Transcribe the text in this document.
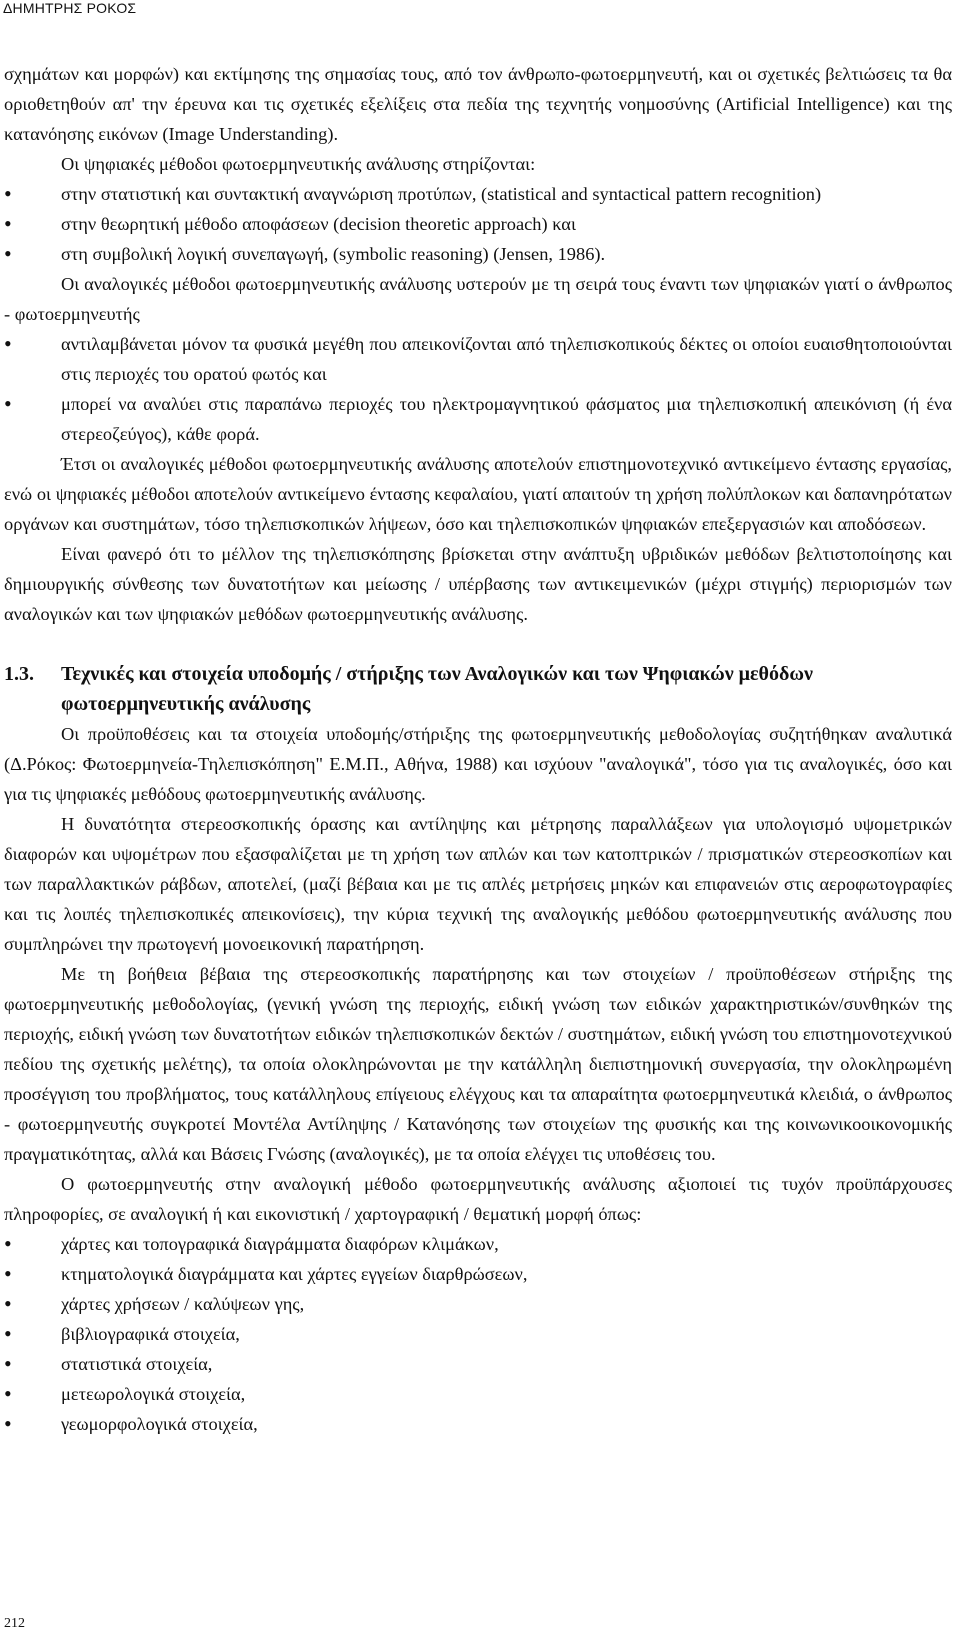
ΔΗΜΗΤΡΗΣ ΡΟΚΟΣ

σχημάτων και μορφών) και εκτίμησης της σημασίας τους, από τον άνθρωπο-φωτοερμηνευτή, και οι σχετικές βελτιώσεις τα θα οριοθετηθούν απ' την έρευνα και τις σχετικές εξελίξεις στα πεδία της τεχνητής νοημοσύνης (Artificial Intelligence) και της κατανόησης εικόνων (Image Understanding).

Οι ψηφιακές μέθοδοι φωτοερμηνευτικής ανάλυσης στηρίζονται:

• στην στατιστική και συντακτική αναγνώριση προτύπων, (statistical and syntactical pattern recognition)

• στην θεωρητική μέθοδο αποφάσεων (decision theoretic approach) και

• στη συμβολική λογική συνεπαγωγή, (symbolic reasoning) (Jensen, 1986).

Οι αναλογικές μέθοδοι φωτοερμηνευτικής ανάλυσης υστερούν με τη σειρά τους έναντι των ψηφιακών γιατί ο άνθρωπος - φωτοερμηνευτής

• αντιλαμβάνεται μόνον τα φυσικά μεγέθη που απεικονίζονται από τηλεπισκοπικούς δέκτες οι οποίοι ευαισθητοποιούνται στις περιοχές του ορατού φωτός και

• μπορεί να αναλύει στις παραπάνω περιοχές του ηλεκτρομαγνητικού φάσματος μια τηλεπισκοπική απεικόνιση (ή ένα στερεοζεύγος), κάθε φορά.

Έτσι οι αναλογικές μέθοδοι φωτοερμηνευτικής ανάλυσης αποτελούν επιστημονοτεχνικό αντικείμενο έντασης εργασίας, ενώ οι ψηφιακές μέθοδοι αποτελούν αντικείμενο έντασης κεφαλαίου, γιατί απαιτούν τη χρήση πολύπλοκων και δαπανηρότατων οργάνων και συστημάτων, τόσο τηλεπισκοπικών λήψεων, όσο και τηλεπισκοπικών ψηφιακών επεξεργασιών και αποδόσεων.

Είναι φανερό ότι το μέλλον της τηλεπισκόπησης βρίσκεται στην ανάπτυξη υβριδικών μεθόδων βελτιστοποίησης και δημιουργικής σύνθεσης των δυνατοτήτων και μείωσης / υπέρβασης των αντικειμενικών (μέχρι στιγμής) περιορισμών των αναλογικών και των ψηφιακών μεθόδων φωτοερμηνευτικής ανάλυσης.

1.3.	Τεχνικές και στοιχεία υποδομής / στήριξης των Αναλογικών και των Ψηφιακών μεθόδων φωτοερμηνευτικής ανάλυσης

Οι προϋποθέσεις και τα στοιχεία υποδομής/στήριξης της φωτοερμηνευτικής μεθοδολογίας συζητήθηκαν αναλυτικά (Δ.Ρόκος: Φωτοερμηνεία-Τηλεπισκόπηση" Ε.Μ.Π., Αθήνα, 1988) και ισχύουν "αναλογικά", τόσο για τις αναλογικές, όσο και για τις ψηφιακές μεθόδους φωτοερμηνευτικής ανάλυσης.

Η δυνατότητα στερεοσκοπικής όρασης και αντίληψης και μέτρησης παραλλάξεων για υπολογισμό υψομετρικών διαφορών και υψομέτρων που εξασφαλίζεται με τη χρήση των απλών και των κατοπτρικών / πρισματικών στερεοσκοπίων και των παραλλακτικών ράβδων, αποτελεί, (μαζί βέβαια και με τις απλές μετρήσεις μηκών και επιφανειών στις αεροφωτογραφίες και τις λοιπές τηλεπισκοπικές απεικονίσεις), την κύρια τεχνική της αναλογικής μεθόδου φωτοερμηνευτικής ανάλυσης που συμπληρώνει την πρωτογενή μονοεικονική παρατήρηση.

Με τη βοήθεια βέβαια της στερεοσκοπικής παρατήρησης και των στοιχείων / προϋποθέσεων στήριξης της φωτοερμηνευτικής μεθοδολογίας, (γενική γνώση της περιοχής, ειδική γνώση των ειδικών χαρακτηριστικών/συνθηκών της περιοχής, ειδική γνώση των δυνατοτήτων ειδικών τηλεπισκοπικών δεκτών / συστημάτων, ειδική γνώση του επιστημονοτεχνικού πεδίου της σχετικής μελέτης), τα οποία ολοκληρώνονται με την κατάλληλη διεπιστημονική συνεργασία, την ολοκληρωμένη προσέγγιση του προβλήματος, τους κατάλληλους επίγειους ελέγχους και τα απαραίτητα φωτοερμηνευτικά κλειδιά, ο άνθρωπος - φωτοερμηνευτής συγκροτεί Μοντέλα Αντίληψης / Κατανόησης των στοιχείων της φυσικής και της κοινωνικοοικονομικής πραγματικότητας, αλλά και Βάσεις Γνώσης (αναλογικές), με τα οποία ελέγχει τις υποθέσεις του.

Ο φωτοερμηνευτής στην αναλογική μέθοδο φωτοερμηνευτικής ανάλυσης αξιοποιεί τις τυχόν προϋπάρχουσες πληροφορίες, σε αναλογική ή και εικονιστική / χαρτογραφική / θεματική μορφή όπως:

• χάρτες και τοπογραφικά διαγράμματα διαφόρων κλιμάκων,

• κτηματολογικά διαγράμματα και χάρτες εγγείων διαρθρώσεων,

• χάρτες χρήσεων / καλύψεων γης,

• βιβλιογραφικά στοιχεία,

• στατιστικά στοιχεία,

• μετεωρολογικά στοιχεία,

• γεωμορφολογικά στοιχεία,

212
